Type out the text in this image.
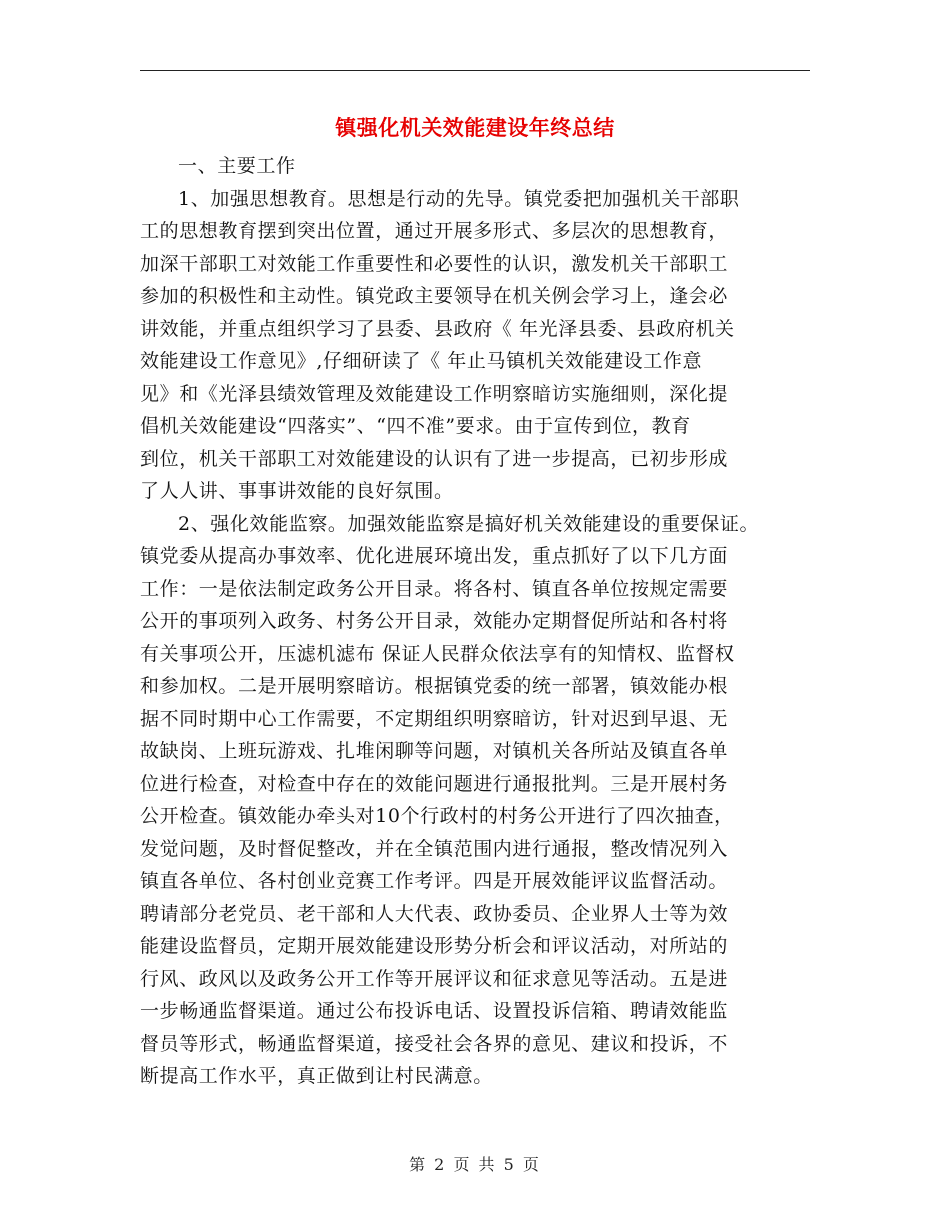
镇强化机关效能建设年终总结
一、主要工作
1、加强思想教育。思想是行动的先导。镇党委把加强机关干部职
工的思想教育摆到突出位置，通过开展多形式、多层次的思想教育，
加深干部职工对效能工作重要性和必要性的认识，激发机关干部职工
参加的积极性和主动性。镇党政主要领导在机关例会学习上，逢会必
讲效能，并重点组织学习了县委、县政府《 年光泽县委、县政府机关
效能建设工作意见》,仔细研读了《 年止马镇机关效能建设工作意
见》和《光泽县绩效管理及效能建设工作明察暗访实施细则，深化提
倡机关效能建设“四落实”、“四不准”要求。由于宣传到位，教育
到位，机关干部职工对效能建设的认识有了进一步提高，已初步形成
了人人讲、事事讲效能的良好氛围。
2、强化效能监察。加强效能监察是搞好机关效能建设的重要保证。
镇党委从提高办事效率、优化进展环境出发，重点抓好了以下几方面
工作：一是依法制定政务公开目录。将各村、镇直各单位按规定需要
公开的事项列入政务、村务公开目录，效能办定期督促所站和各村将
有关事项公开，压滤机滤布 保证人民群众依法享有的知情权、监督权
和参加权。二是开展明察暗访。根据镇党委的统一部署，镇效能办根
据不同时期中心工作需要，不定期组织明察暗访，针对迟到早退、无
故缺岗、上班玩游戏、扎堆闲聊等问题，对镇机关各所站及镇直各单
位进行检查，对检查中存在的效能问题进行通报批判。三是开展村务
公开检查。镇效能办牵头对10个行政村的村务公开进行了四次抽查，
发觉问题，及时督促整改，并在全镇范围内进行通报，整改情况列入
镇直各单位、各村创业竞赛工作考评。四是开展效能评议监督活动。
聘请部分老党员、老干部和人大代表、政协委员、企业界人士等为效
能建设监督员，定期开展效能建设形势分析会和评议活动，对所站的
行风、政风以及政务公开工作等开展评议和征求意见等活动。五是进
一步畅通监督渠道。通过公布投诉电话、设置投诉信箱、聘请效能监
督员等形式，畅通监督渠道，接受社会各界的意见、建议和投诉，不
断提高工作水平，真正做到让村民满意。
第 2 页 共 5 页
